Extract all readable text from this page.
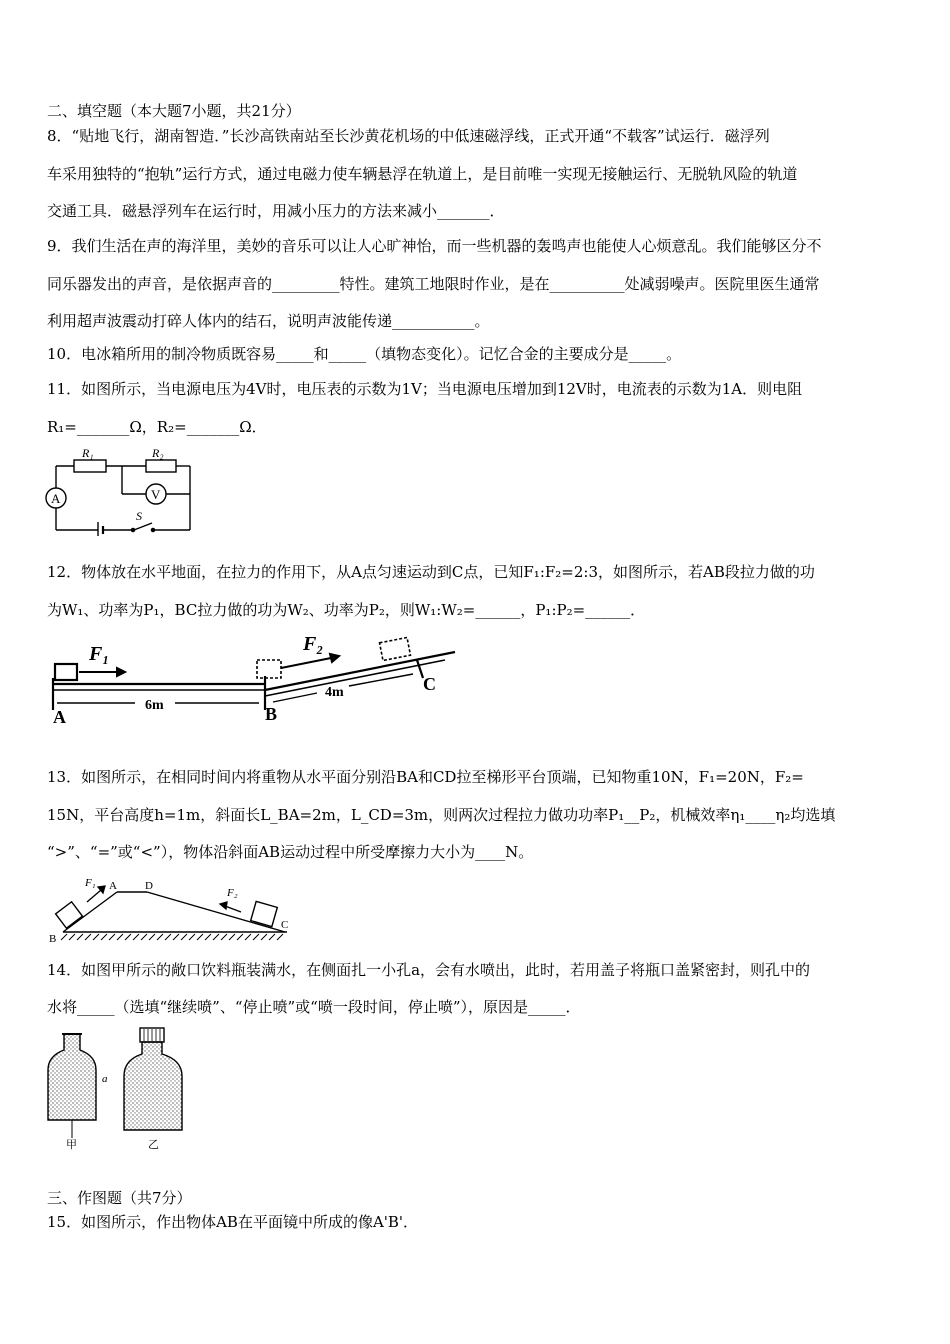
二、填空题（本大题7小题，共21分）
8．“贴地飞行，湖南智造．”长沙高铁南站至长沙黄花机场的中低速磁浮线，正式开通“不载客”试运行．磁浮列
车采用独特的“抱轨”运行方式，通过电磁力使车辆悬浮在轨道上，是目前唯一实现无接触运行、无脱轨风险的轨道
交通工具．磁悬浮列车在运行时，用减小压力的方法来减小_______．
9．我们生活在声的海洋里，美妙的音乐可以让人心旷神怡，而一些机器的轰鸣声也能使人心烦意乱。我们能够区分不
同乐器发出的声音，是依据声音的_________特性。建筑工地限时作业，是在__________处减弱噪声。医院里医生通常
利用超声波震动打碎人体内的结石，说明声波能传递___________。
10．电冰箱所用的制冷物质既容易_____和_____（填物态变化）。记忆合金的主要成分是_____。
11．如图所示，当电源电压为4V时，电压表的示数为1V；当电源电压增加到12V时，电流表的示数为1A．则电阻
R₁=_______Ω，R₂=_______Ω．
R₁	R₂
A	V
S
12．物体放在水平地面，在拉力的作用下，从A点匀速运动到C点，已知F₁:F₂=2:3，如图所示，若AB段拉力做的功
为W₁、功率为P₁，BC拉力做的功为W₂、功率为P₂，则W₁:W₂=______，P₁:P₂=______．
F₁	F₂
A	B
C
6m
4m
13．如图所示，在相同时间内将重物从水平面分别沿BA和CD拉至梯形平台顶端，已知物重10N，F₁=20N，F₂=
15N，平台高度h=1m，斜面长L_BA=2m，L_CD=3m，则两次过程拉力做功功率P₁__P₂，机械效率η₁____η₂均选填
“>”、“=”或“<”），物体沿斜面AB运动过程中所受摩擦力大小为____N。
F₁ A	D
F₂
B
C
14．如图甲所示的敞口饮料瓶装满水，在侧面扎一小孔a，会有水喷出，此时，若用盖子将瓶口盖紧密封，则孔中的
水将_____（选填“继续喷”、“停止喷”或“喷一段时间，停止喷”），原因是_____．
a
甲	乙
三、作图题（共7分）
15．如图所示，作出物体AB在平面镜中所成的像A'B'．
